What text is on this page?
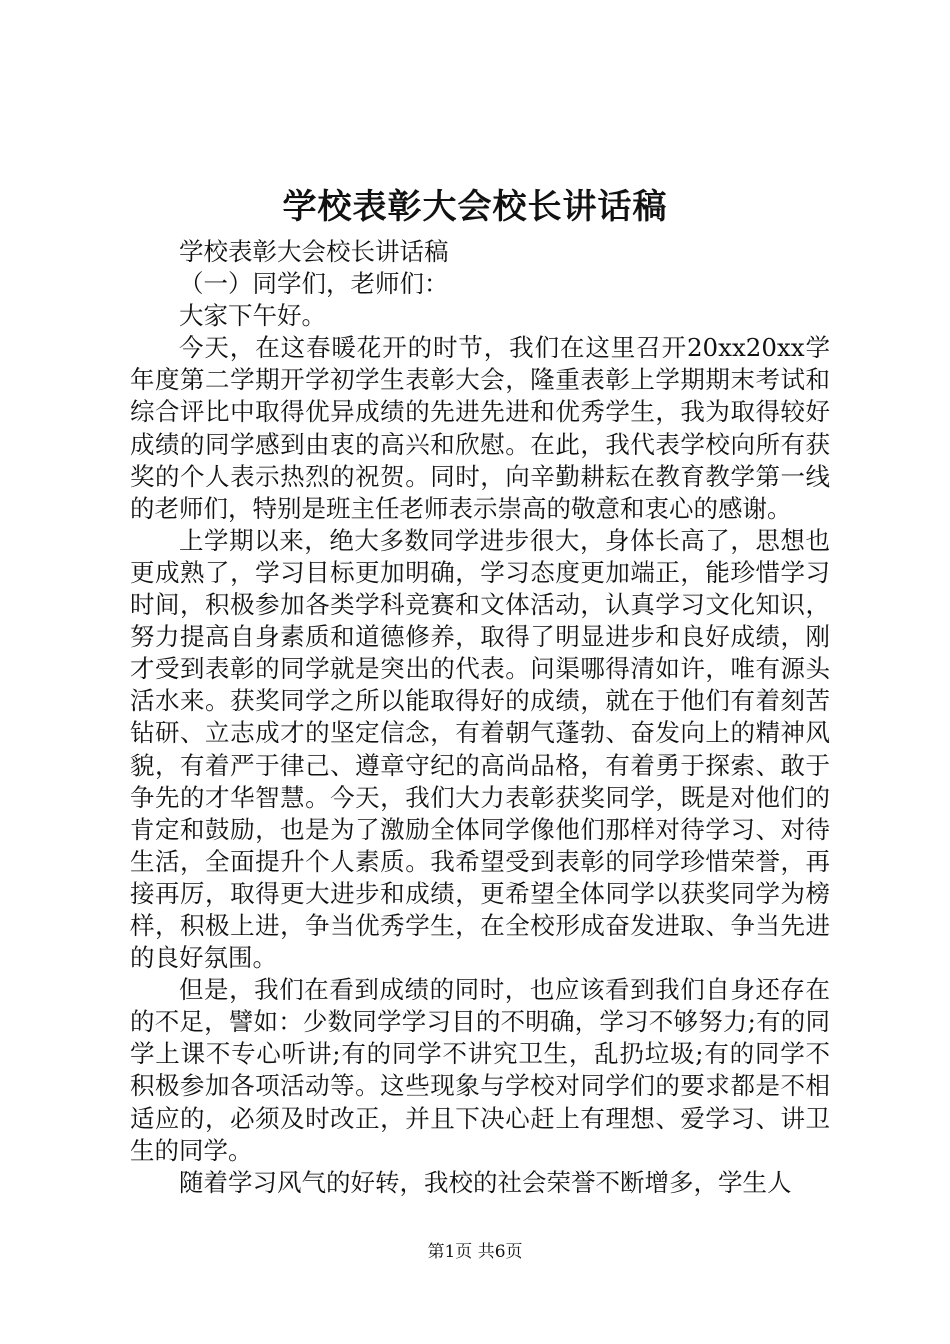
学校表彰大会校长讲话稿

学校表彰大会校长讲话稿

（一）同学们，老师们：

大家下午好。

今天，在这春暖花开的时节，我们在这里召开20xx20xx学年度第二学期开学初学生表彰大会，隆重表彰上学期期末考试和综合评比中取得优异成绩的先进先进和优秀学生，我为取得较好成绩的同学感到由衷的高兴和欣慰。在此，我代表学校向所有获奖的个人表示热烈的祝贺。同时，向辛勤耕耘在教育教学第一线的老师们，特别是班主任老师表示崇高的敬意和衷心的感谢。

上学期以来，绝大多数同学进步很大，身体长高了，思想也更成熟了，学习目标更加明确，学习态度更加端正，能珍惜学习时间，积极参加各类学科竞赛和文体活动，认真学习文化知识，努力提高自身素质和道德修养，取得了明显进步和良好成绩，刚才受到表彰的同学就是突出的代表。问渠哪得清如许，唯有源头活水来。获奖同学之所以能取得好的成绩，就在于他们有着刻苦钻研、立志成才的坚定信念，有着朝气蓬勃、奋发向上的精神风貌，有着严于律己、遵章守纪的高尚品格，有着勇于探索、敢于争先的才华智慧。今天，我们大力表彰获奖同学，既是对他们的肯定和鼓励，也是为了激励全体同学像他们那样对待学习、对待生活，全面提升个人素质。我希望受到表彰的同学珍惜荣誉，再接再厉，取得更大进步和成绩，更希望全体同学以获奖同学为榜样，积极上进，争当优秀学生，在全校形成奋发进取、争当先进的良好氛围。

但是，我们在看到成绩的同时，也应该看到我们自身还存在的不足，譬如：少数同学学习目的不明确，学习不够努力;有的同学上课不专心听讲;有的同学不讲究卫生，乱扔垃圾;有的同学不积极参加各项活动等。这些现象与学校对同学们的要求都是不相适应的，必须及时改正，并且下决心赶上有理想、爱学习、讲卫生的同学。

随着学习风气的好转，我校的社会荣誉不断增多，学生人

第1页 共6页
